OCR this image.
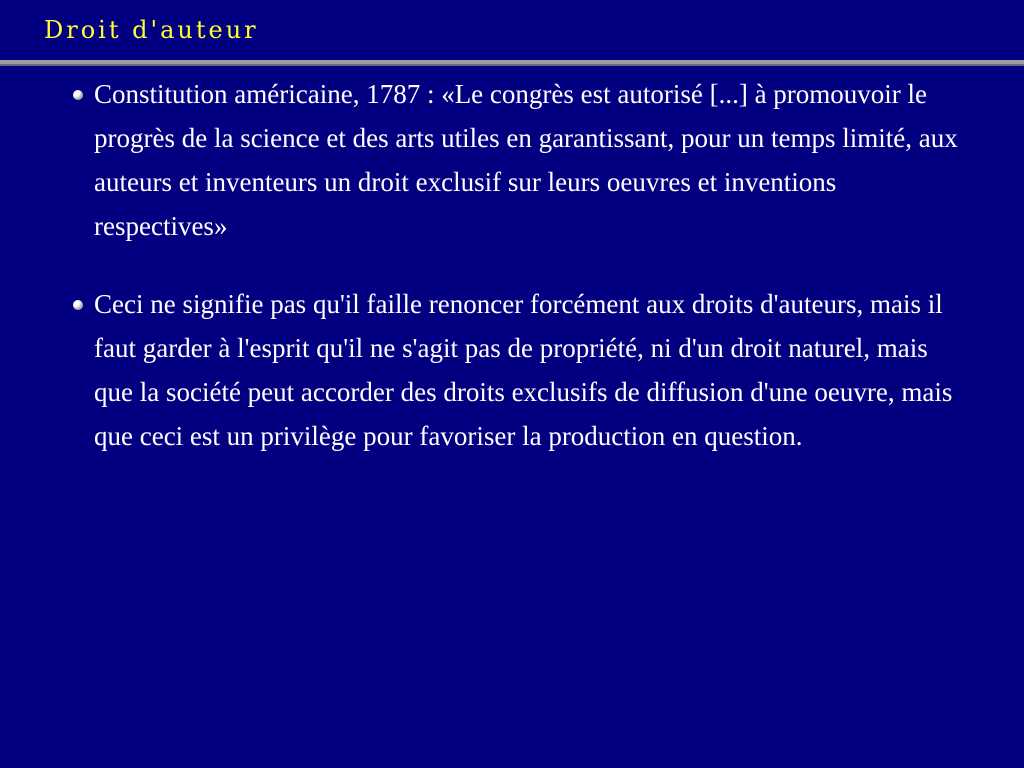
Droit d'auteur
Constitution américaine, 1787 : «Le congrès est autorisé [...] à promouvoir le progrès de la science et des arts utiles en garantissant, pour un temps limité, aux auteurs et inventeurs un droit exclusif sur leurs oeuvres et inventions respectives»
Ceci ne signifie pas qu'il faille renoncer forcément aux droits d'auteurs, mais il faut garder à l'esprit qu'il ne s'agit pas de propriété, ni d'un droit naturel, mais que la société peut accorder des droits exclusifs de diffusion d'une oeuvre, mais que ceci est un privilège pour favoriser la production en question.
